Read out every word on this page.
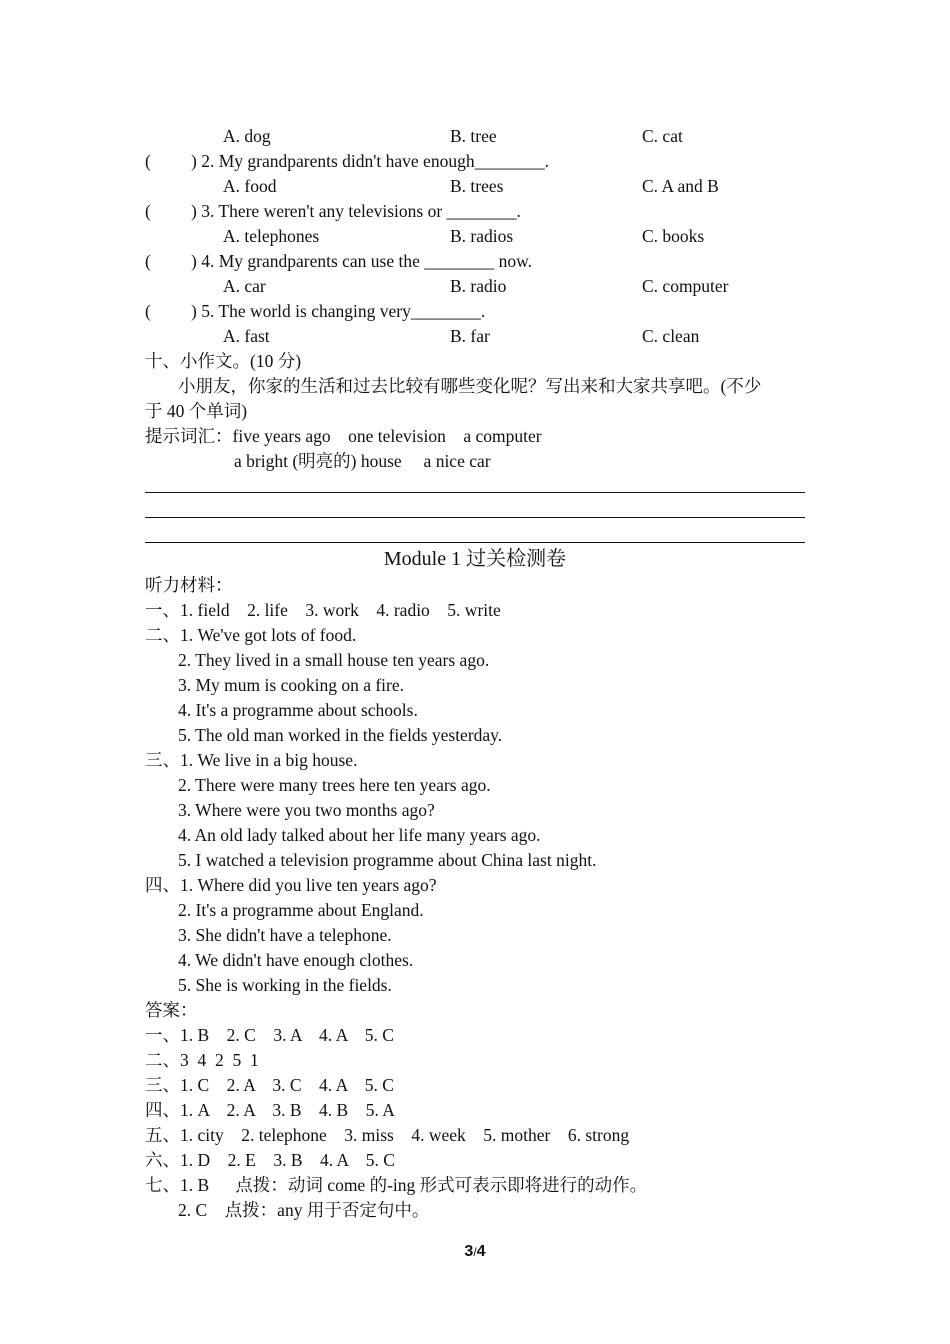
A. dog	B. tree	C. cat
( ) 2. My grandparents didn't have enough________.
A. food	B. trees	C. A and B
( ) 3. There weren't any televisions or ________.
A. telephones	B. radios	C. books
( ) 4. My grandparents can use the ________ now.
A. car	B. radio	C. computer
( ) 5. The world is changing very________.
A. fast	B. far	C. clean
十、小作文。(10 分)
小朋友，你家的生活和过去比较有哪些变化呢？写出来和大家共享吧。(不少
于 40 个单词)
提示词汇：five years ago    one television    a computer
a bright (明亮的) house     a nice car
Module 1 过关检测卷
听力材料：
一、1. field    2. life    3. work    4. radio    5. write
二、1. We've got lots of food.
2. They lived in a small house ten years ago.
3. My mum is cooking on a fire.
4. It's a programme about schools.
5. The old man worked in the fields yesterday.
三、1. We live in a big house.
2. There were many trees here ten years ago.
3. Where were you two months ago?
4. An old lady talked about her life many years ago.
5. I watched a television programme about China last night.
四、1. Where did you live ten years ago?
2. It's a programme about England.
3. She didn't have a telephone.
4. We didn't have enough clothes.
5. She is working in the fields.
答案：
一、1. B    2. C    3. A    4. A    5. C
二、3  4  2  5  1
三、1. C    2. A    3. C    4. A    5. C
四、1. A    2. A    3. B    4. B    5. A
五、1. city    2. telephone    3. miss    4. week    5. mother    6. strong
六、1. D    2. E    3. B    4. A    5. C
七、1. B      点拨：动词 come 的-ing 形式可表示即将进行的动作。
2. C    点拨：any 用于否定句中。
3/4
